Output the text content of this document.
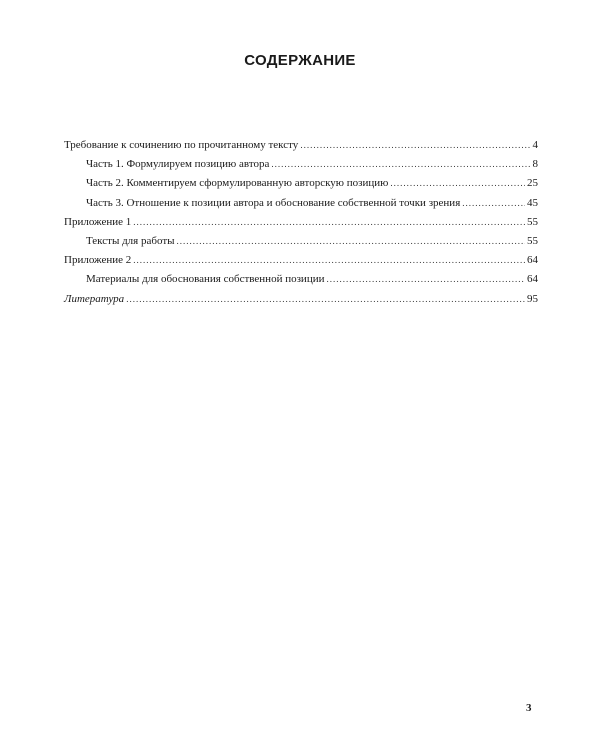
СОДЕРЖАНИЕ
Требование к сочинению по прочитанному тексту .....	4
Часть 1. Формулируем позицию автора .....	8
Часть 2. Комментируем сформулированную авторскую позицию .....	25
Часть 3. Отношение к позиции автора и обоснование собственной точки зрения .....	45
Приложение 1 .....	55
Тексты для работы .....	55
Приложение 2 .....	64
Материалы для обоснования собственной позиции .....	64
Литература .....	95
3
